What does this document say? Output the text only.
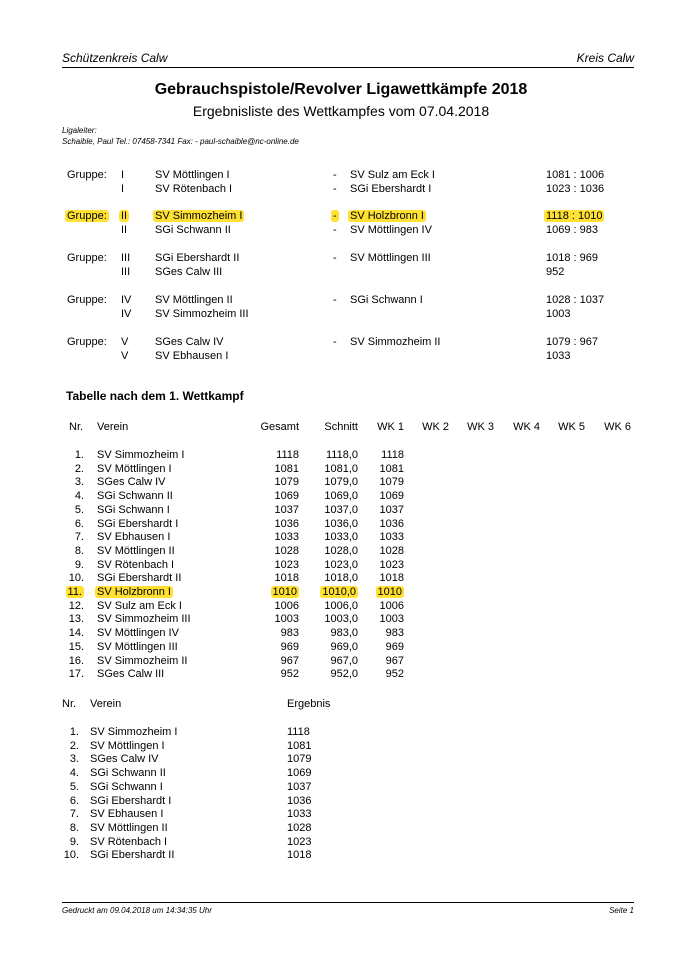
Schützenkreis Calw	Kreis Calw
Gebrauchspistole/Revolver Ligawettkämpfe 2018
Ergebnisliste des Wettkampfes vom 07.04.2018
Ligaleiter:
Schaible, Paul Tel.: 07458-7341 Fax: - paul-schaible@nc-online.de
Gruppe: I	SV Möttlingen I	- SV Sulz am Eck I	1081 : 1006
I	SV Rötenbach I	- SGi Ebershardt I	1023 : 1036
Gruppe: II	SV Simmozheim I	- SV Holzbronn I	1118 : 1010
II	SGi Schwann II	- SV Möttlingen IV	1069 : 983
Gruppe: III SGi Ebershardt II	- SV Möttlingen III	1018 : 969
III SGes Calw III	952
Gruppe: IV SV Möttlingen II	- SGi Schwann I	1028 : 1037
IV SV Simmozheim III	1003
Gruppe: V SGes Calw IV	- SV Simmozheim II	1079 : 967
V SV Ebhausen I	1033
Tabelle nach dem 1. Wettkampf
Nr. Verein	Gesamt	Schnitt	WK 1	WK 2	WK 3	WK 4	WK 5	WK 6
1. SV Simmozheim I	1118	1118,0	1118
2. SV Möttlingen I	1081	1081,0	1081
3. SGes Calw IV	1079	1079,0	1079
4. SGi Schwann II	1069	1069,0	1069
5. SGi Schwann I	1037	1037,0	1037
6. SGi Ebershardt I	1036	1036,0	1036
7. SV Ebhausen I	1033	1033,0	1033
8. SV Möttlingen II	1028	1028,0	1028
9. SV Rötenbach I	1023	1023,0	1023
10. SGi Ebershardt II	1018	1018,0	1018
11. SV Holzbronn I	1010	1010,0	1010
12. SV Sulz am Eck I	1006	1006,0	1006
13. SV Simmozheim III	1003	1003,0	1003
14. SV Möttlingen IV	983	983,0	983
15. SV Möttlingen III	969	969,0	969
16. SV Simmozheim II	967	967,0	967
17. SGes Calw III	952	952,0	952
Nr. Verein	Ergebnis
1. SV Simmozheim I	1118
2. SV Möttlingen I	1081
3. SGes Calw IV	1079
4. SGi Schwann II	1069
5. SGi Schwann I	1037
6. SGi Ebershardt I	1036
7. SV Ebhausen I	1033
8. SV Möttlingen II	1028
9. SV Rötenbach I	1023
10. SGi Ebershardt II	1018
Gedruckt am 09.04.2018 um 14:34:35 Uhr	Seite 1
